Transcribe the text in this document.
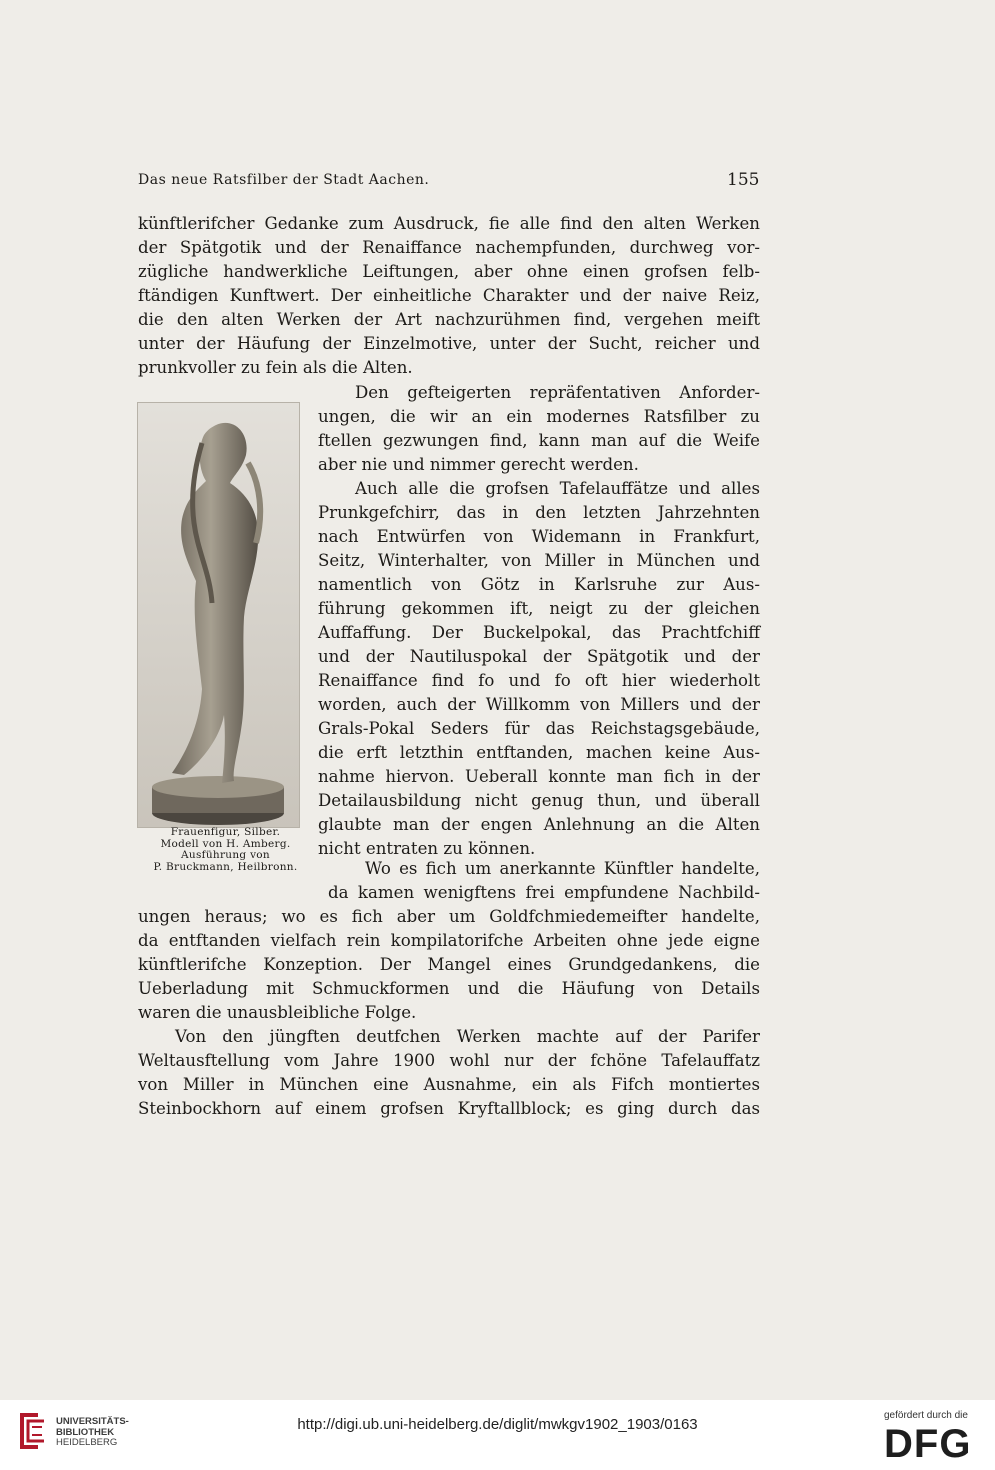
Das neue Ratsfilber der Stadt Aachen.	155
künftlerifcher Gedanke zum Ausdruck, fie alle find den alten Werken
der Spätgotik und der Renaiffance nachempfunden, durchweg vor-
zügliche handwerkliche Leiftungen, aber ohne einen grofsen felb-
ftändigen Kunftwert. Der einheitliche Charakter und der naive Reiz,
die den alten Werken der Art nachzurühmen find, vergehen meift
unter der Häufung der Einzelmotive, unter der Sucht, reicher und
prunkvoller zu fein als die Alten.
Frauenfigur, Silber.
Modell von H. Amberg.
Ausführung von
P. Bruckmann, Heilbronn.
Den gefteigerten repräfentativen Anforder-
ungen, die wir an ein modernes Ratsfilber zu
ftellen gezwungen find, kann man auf die Weife
aber nie und nimmer gerecht werden.
Auch alle die grofsen Tafelauffätze und alles
Prunkgefchirr, das in den letzten Jahrzehnten
nach Entwürfen von Widemann in Frankfurt,
Seitz, Winterhalter, von Miller in München und
namentlich von Götz in Karlsruhe zur Aus-
führung gekommen ift, neigt zu der gleichen
Auffaffung. Der Buckelpokal, das Prachtfchiff
und der Nautiluspokal der Spätgotik und der
Renaiffance find fo und fo oft hier wiederholt
worden, auch der Willkomm von Millers und der
Grals-Pokal Seders für das Reichstagsgebäude,
die erft letzthin entftanden, machen keine Aus-
nahme hiervon. Ueberall konnte man fich in der
Detailausbildung nicht genug thun, und überall
glaubte man der engen Anlehnung an die Alten
nicht entraten zu können.
Wo es fich um anerkannte Künftler handelte,
da kamen wenigftens frei empfundene Nachbild-
ungen heraus; wo es fich aber um Goldfchmiedemeifter handelte,
da entftanden vielfach rein kompilatorifche Arbeiten ohne jede eigne
künftlerifche Konzeption. Der Mangel eines Grundgedankens, die
Ueberladung mit Schmuckformen und die Häufung von Details
waren die unausbleibliche Folge.
Von den jüngften deutfchen Werken machte auf der Parifer
Weltausftellung vom Jahre 1900 wohl nur der fchöne Tafelauffatz
von Miller in München eine Ausnahme, ein als Fifch montiertes
Steinbockhorn auf einem grofsen Kryftallblock; es ging durch das
UNIVERSITÄTS-
BIBLIOTHEK
HEIDELBERG
http://digi.ub.uni-heidelberg.de/diglit/mwkgv1902_1903/0163
gefördert durch die
DFG
